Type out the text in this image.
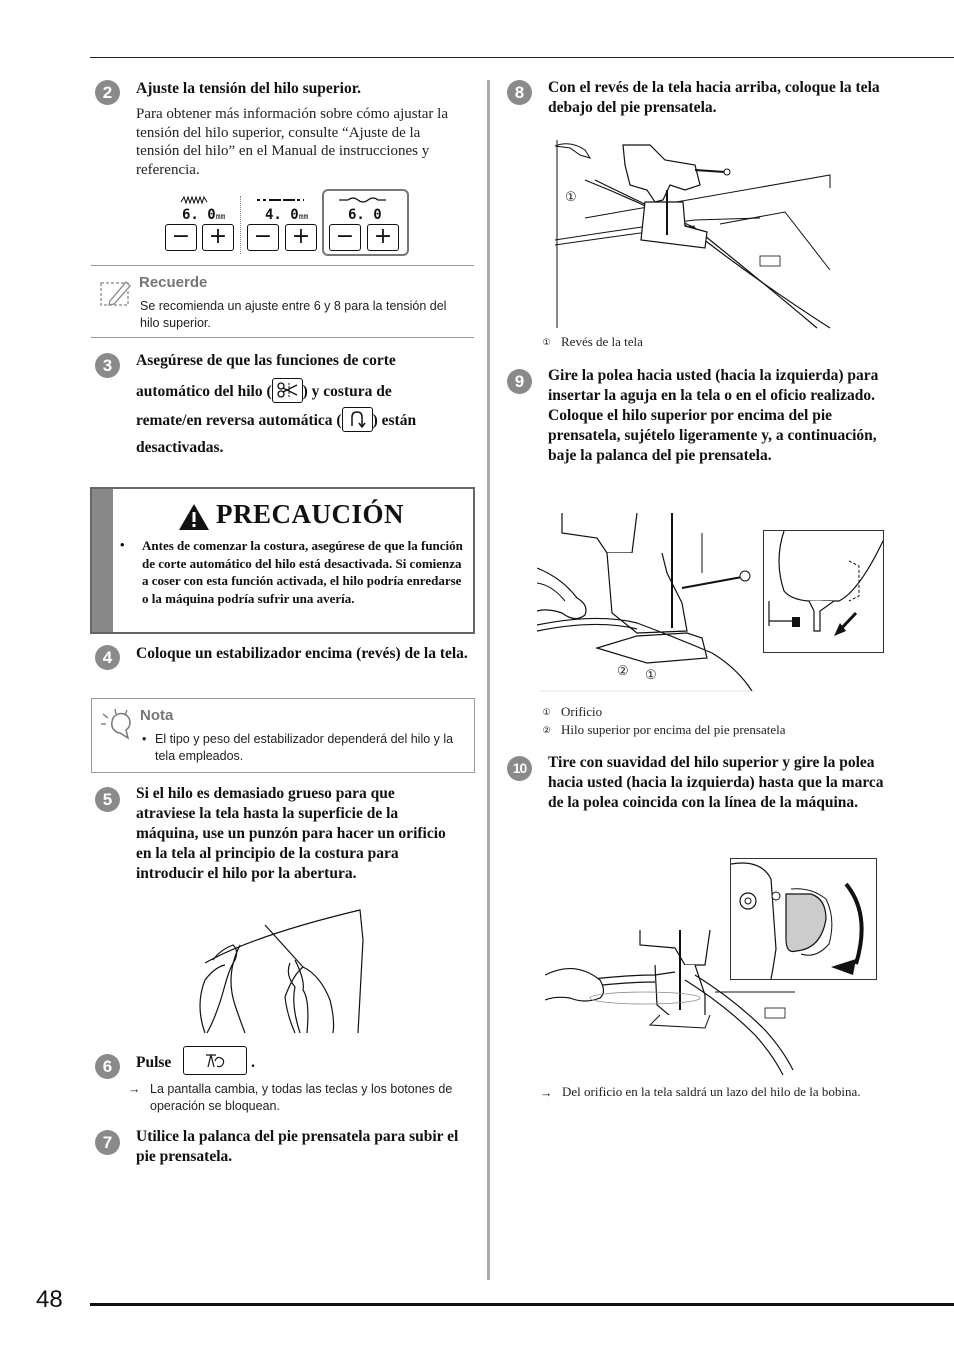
2	Ajuste la tensión del hilo superior.
Para obtener más información sobre cómo ajustar la tensión del hilo superior, consulte “Ajuste de la tensión del hilo” en el Manual de instrucciones y referencia.
6. 0mm	4. 0mm	6. 0
− +	− +	− +
Recuerde
Se recomienda un ajuste entre 6 y 8 para la tensión del hilo superior.
3	Asegúrese de que las funciones de corte
automático del hilo ( ) y costura de
remate/en reversa automática ( ) están
desactivadas.
PRECAUCIÓN
• Antes de comenzar la costura, asegúrese de que la función de corte automático del hilo está desactivada. Si comienza a coser con esta función activada, el hilo podría enredarse o la máquina podría sufrir una avería.
4	Coloque un estabilizador encima (revés) de la tela.
Nota
• El tipo y peso del estabilizador dependerá del hilo y la tela empleados.
5	Si el hilo es demasiado grueso para que atraviese la tela hasta la superficie de la máquina, use un punzón para hacer un orificio en la tela al principio de la costura para introducir el hilo por la abertura.
6	Pulse	.
→ La pantalla cambia, y todas las teclas y los botones de operación se bloquean.
7	Utilice la palanca del pie prensatela para subir el pie prensatela.
8	Con el revés de la tela hacia arriba, coloque la tela debajo del pie prensatela.
①
① Revés de la tela
9	Gire la polea hacia usted (hacia la izquierda) para insertar la aguja en la tela o en el oficio realizado. Coloque el hilo superior por encima del pie prensatela, sujételo ligeramente y, a continuación, baje la palanca del pie prensatela.
② ①
① Orificio
② Hilo superior por encima del pie prensatela
10	Tire con suavidad del hilo superior y gire la polea hacia usted (hacia la izquierda) hasta que la marca de la polea coincida con la línea de la máquina.
→ Del orificio en la tela saldrá un lazo del hilo de la bobina.
48
